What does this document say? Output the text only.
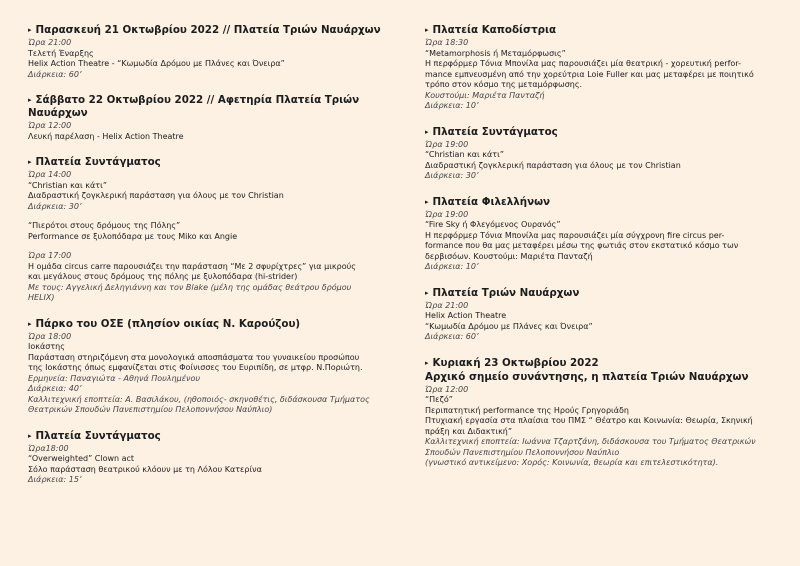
▸ Παρασκευή 21 Οκτωβρίου 2022 // Πλατεία Τριών Ναυάρχων
Ώρα 21:00
Τελετή Έναρξης
Helix Action Theatre - “Κωμωδία Δρόμου με Πλάνες και Όνειρα”
Διάρκεια: 60’
▸ Σάββατο 22 Οκτωβρίου 2022 // Αφετηρία Πλατεία Τριών Ναυάρχων
Ώρα 12:00
Λευκή παρέλαση - Helix Action Theatre
▸ Πλατεία Συντάγματος
Ώρα 14:00
“Christian και κάτι”
Διαδραστική ζογκλερική παράσταση για όλους με τον Christian
Διάρκεια: 30’
“Πιερότοι στους δρόμους της Πόλης”
Performance σε ξυλοπόδαρα με τους Miko και Angie
Ώρα 17:00
Η ομάδα circus carre παρουσιάζει την παράσταση “Με 2 σφυρίχτρες” για μικρούς
και μεγάλους στους δρόμους της πόλης με ξυλοπόδαρα (hi-strider)
Με τους: Αγγελική Δεληγιάννη και τον Blake (μέλη της ομάδας θεάτρου δρόμου
HELIX)
▸ Πάρκο του ΟΣΕ (πλησίον οικίας Ν. Καρούζου)
Ώρα 18:00
Ιοκάστης
Παράσταση στηριζόμενη στα μονολογικά αποσπάσματα του γυναικείου προσώπου
της Ιοκάστης όπως εμφανίζεται στις Φοίνισσες του Ευριπίδη, σε μτφρ. Ν.Ποριώτη.
Ερμηνεία: Παναγιώτα - Αθηνά Πουλημένου
Διάρκεια: 40’
Καλλιτεχνική εποπτεία: Α. Βασιλάκου, (ηθοποιός- σκηνοθέτις, διδάσκουσα Τμήματος
Θεατρικών Σπουδών Πανεπιστημίου Πελοποννήσου Ναύπλιο)
▸ Πλατεία Συντάγματος
Ώρα18:00
“Overweighted” Clown act
Σόλο παράσταση θεατρικού κλόουν με τη Λόλου Κατερίνα
Διάρκεια: 15’
▸ Πλατεία Καποδίστρια
Ώρα 18:30
“Metamorphosis ή Μεταμόρφωσις”
Η περφόρμερ Τόνια Μπονίλα μας παρουσιάζει μία θεατρική - χορευτική perfor-
mance εμπνευσμένη από την χορεύτρια Loie Fuller και μας μεταφέρει με ποιητικό
τρόπο στον κόσμο της μεταμόρφωσης.
Κουστούμι: Μαριέτα Πανταζή
Διάρκεια: 10’
▸ Πλατεία Συντάγματος
Ώρα 19:00
“Christian και κάτι”
Διαδραστική ζογκλερική παράσταση για όλους με τον Christian
Διάρκεια: 30’
▸ Πλατεία Φιλελλήνων
Ώρα 19:00
“Fire Sky ή Φλεγόμενος Ουρανός”
Η περφόρμερ Τόνια Μπονίλα μας παρουσιάζει μία σύγχρονη fire circus per-
formance που θα μας μεταφέρει μέσω της φωτιάς στον εκστατικό κόσμο των
δερβισόων. Κουστούμι: Μαριέτα Πανταζή
Διάρκεια: 10’
▸ Πλατεία Τριών Ναυάρχων
Ώρα 21:00
Helix Action Theatre
“Κωμωδία Δρόμου με Πλάνες και Όνειρα”
Διάρκεια: 60’
▸ Κυριακή 23 Οκτωβρίου 2022
Αρχικό σημείο συνάντησης, η πλατεία Τριών Ναυάρχων
Ώρα 12:00
“Πεζό”
Περιπατητική performance της Ηρούς Γρηγοριάδη
Πτυχιακή εργασία στα πλαίσια του ΠΜΣ “ Θέατρο και Κοινωνία: Θεωρία, Σκηνική
πράξη και Διδακτική”
Καλλιτεχνική εποπτεία: Ιωάννα Τζαρτζάνη, διδάσκουσα του Τμήματος Θεατρικών
Σπουδών Πανεπιστημίου Πελοποννήσου Ναύπλιο
(γνωστικό αντικείμενο: Χορός: Κοινωνία, θεωρία και επιτελεστικότητα).
